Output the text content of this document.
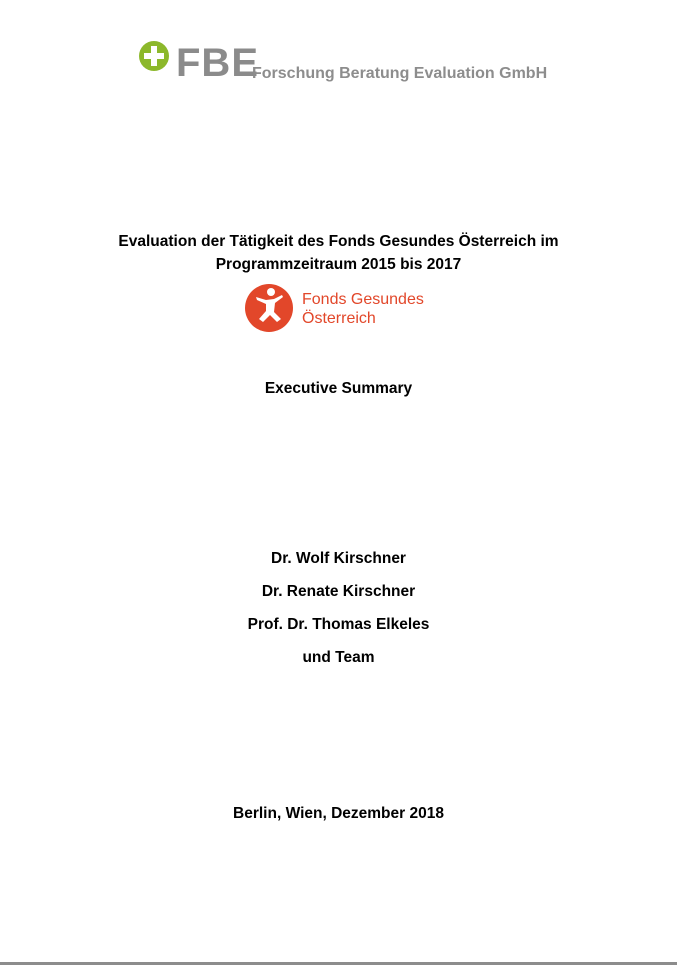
FBE
Forschung Beratung Evaluation GmbH
Evaluation der Tätigkeit des Fonds Gesundes Österreich im
Programmzeitraum 2015 bis 2017
Fonds Gesundes
Österreich
Executive Summary
Dr. Wolf Kirschner
Dr. Renate Kirschner
Prof. Dr. Thomas Elkeles
und Team
Berlin, Wien, Dezember 2018
